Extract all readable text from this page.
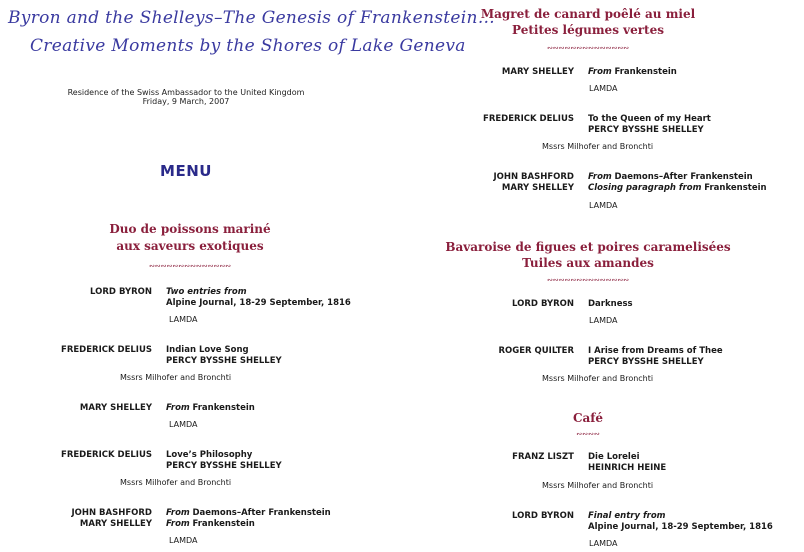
Byron and the Shelleys–The Genesis of Frankenstein…
Creative Moments by the Shores of Lake Geneva
Residence of the Swiss Ambassador to the United Kingdom
Friday, 9 March, 2007
MENU
Duo de poissons mariné
aux saveurs exotiques
∾∾∾∾∾∾∾∾∾∾∾∾∾∾
LORD BYRON Two entries from
Alpine Journal, 18-29 September, 1816
LAMDA
FREDERICK DELIUS Indian Love Song
PERCY BYSSHE SHELLEY
Mssrs Milhofer and Bronchti
MARY SHELLEY From Frankenstein
LAMDA
FREDERICK DELIUS Love’s Philosophy
PERCY BYSSHE SHELLEY
Mssrs Milhofer and Bronchti
JOHN BASHFORD
MARY SHELLEY
From Daemons–After Frankenstein
From Frankenstein
LAMDA
Magret de canard poêlé au miel
Petites légumes vertes
∾∾∾∾∾∾∾∾∾∾∾∾∾∾
MARY SHELLEY From Frankenstein
LAMDA
FREDERICK DELIUS To the Queen of my Heart
PERCY BYSSHE SHELLEY
Mssrs Milhofer and Bronchti
JOHN BASHFORD
MARY SHELLEY
From Daemons–After Frankenstein
Closing paragraph from Frankenstein
LAMDA
Bavaroise de figues et poires caramelisées
Tuiles aux amandes
∾∾∾∾∾∾∾∾∾∾∾∾∾∾
LORD BYRON Darkness
LAMDA
ROGER QUILTER I Arise from Dreams of Thee
PERCY BYSSHE SHELLEY
Mssrs Milhofer and Bronchti
Café
∾∾∾∾
FRANZ LISZT Die Lorelei
HEINRICH HEINE
Mssrs Milhofer and Bronchti
LORD BYRON Final entry from
Alpine Journal, 18-29 September, 1816
LAMDA
